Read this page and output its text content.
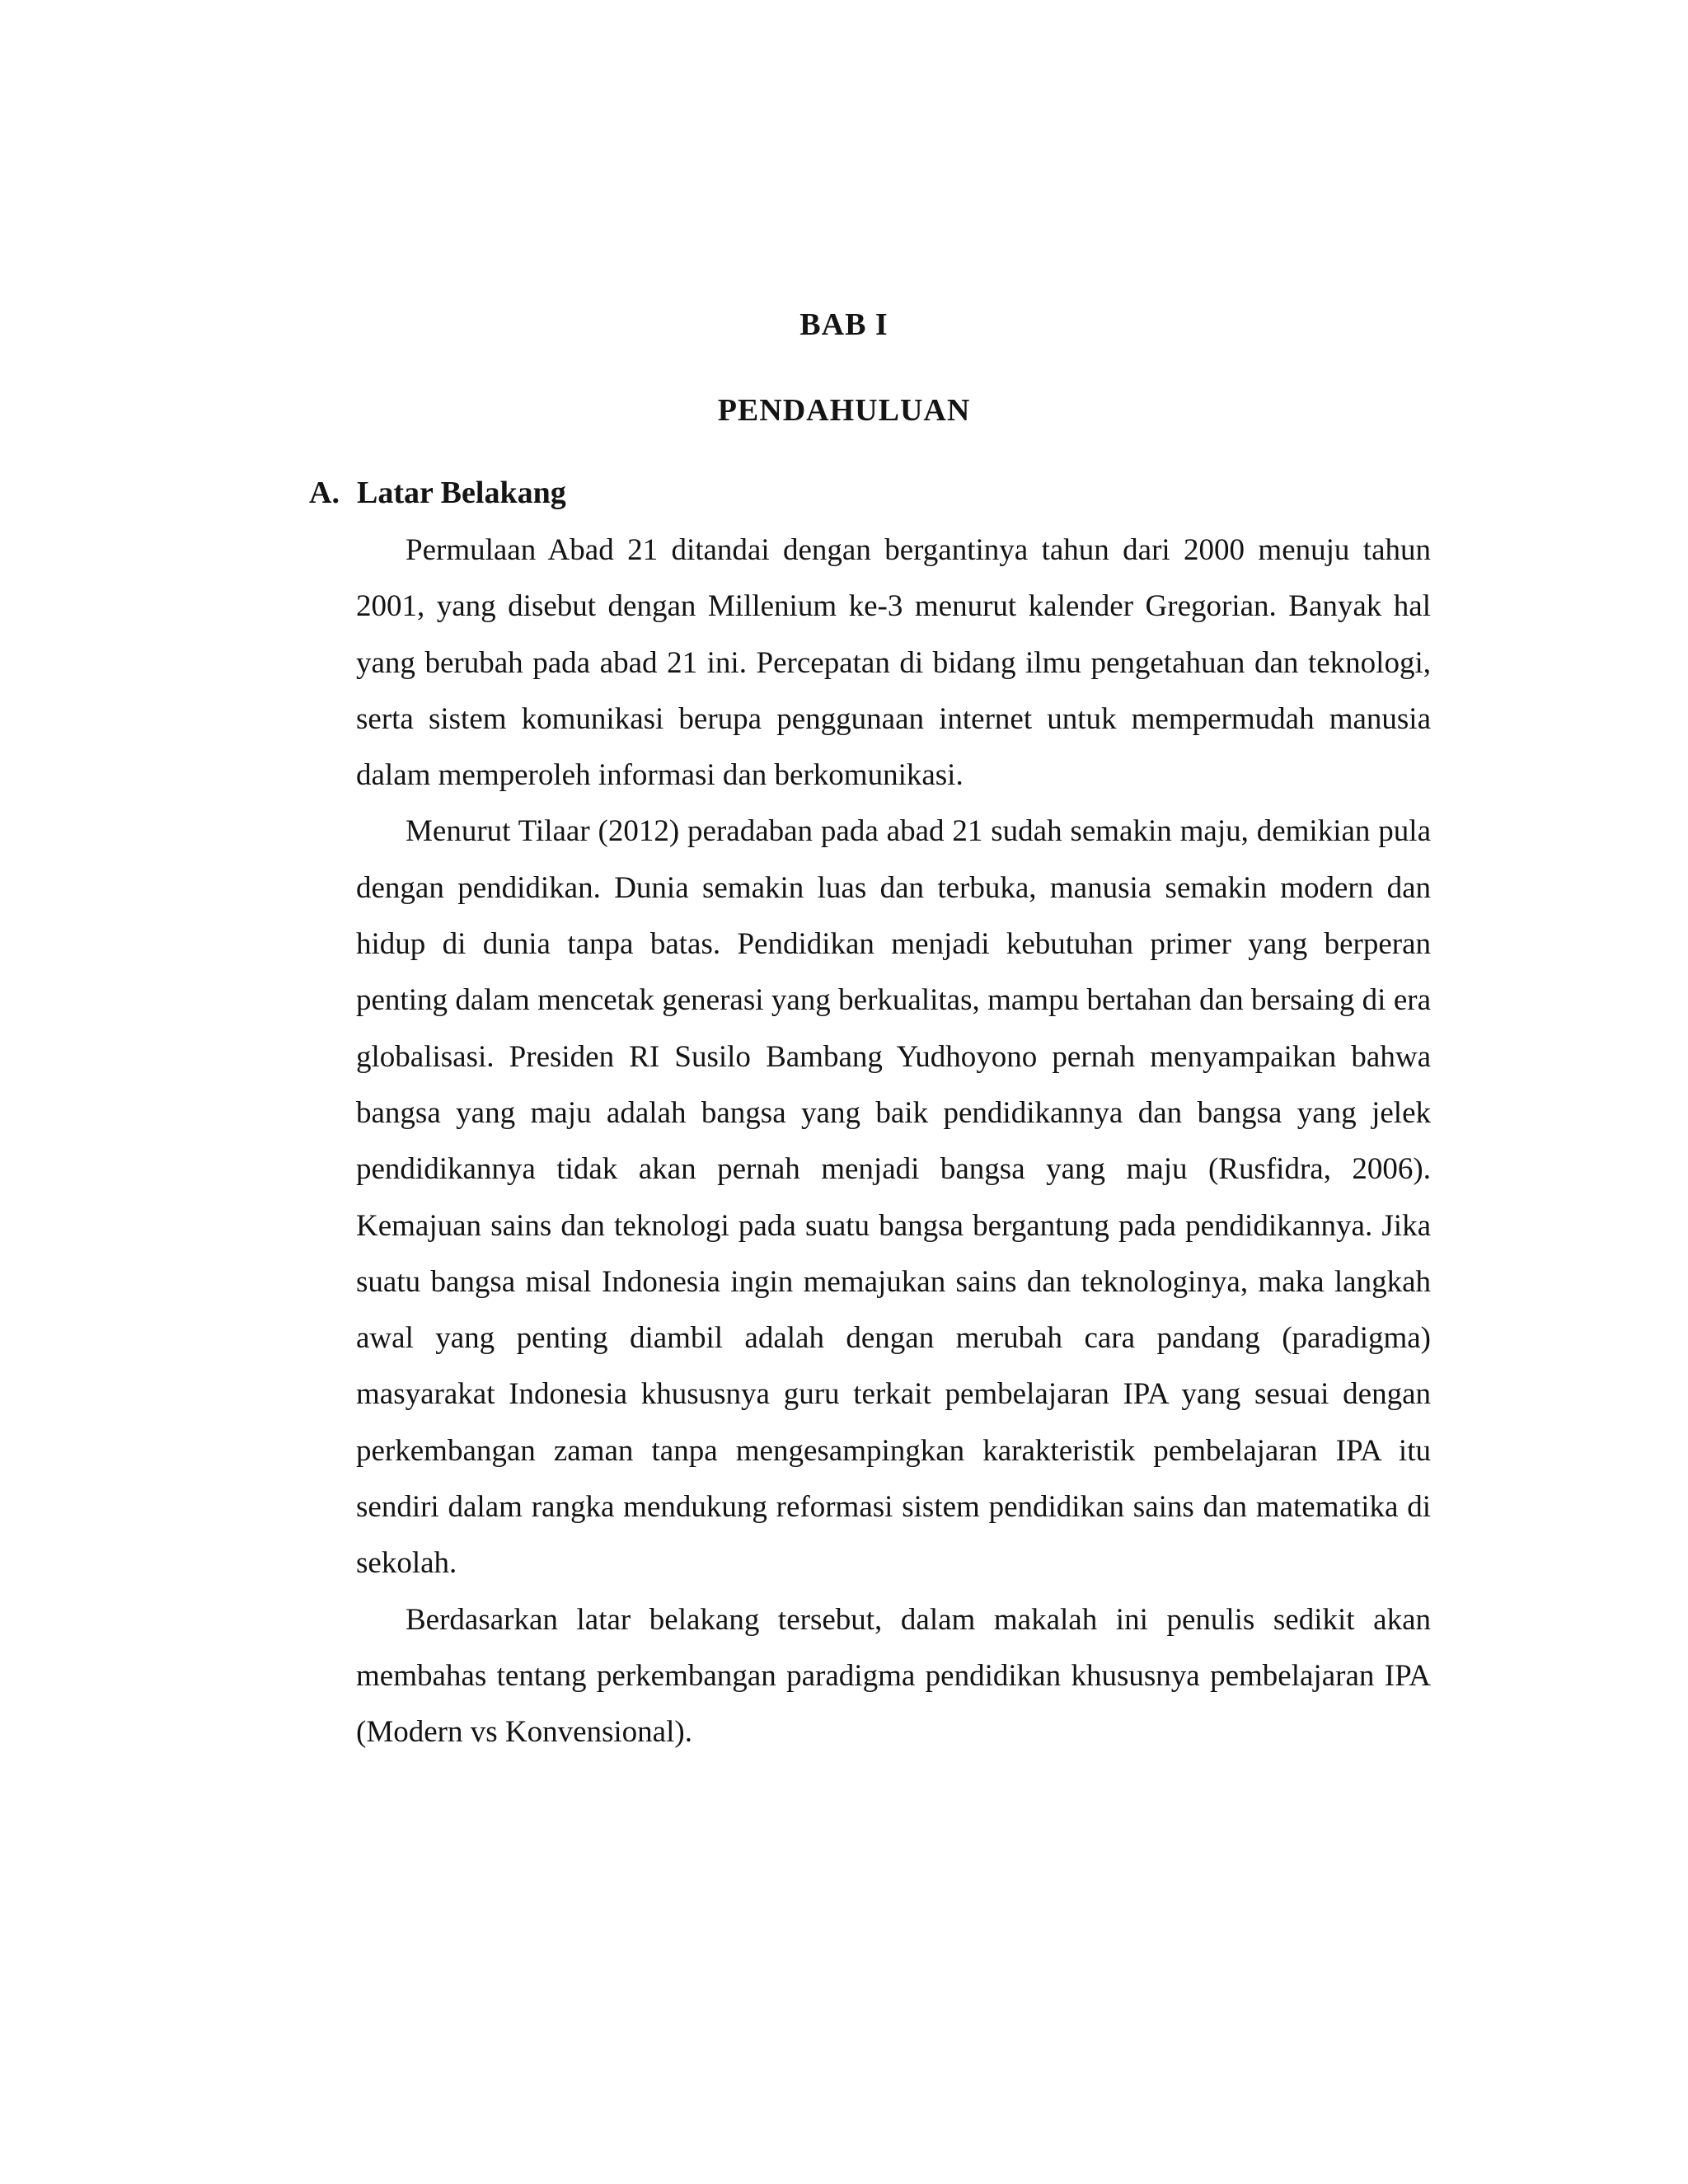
BAB I
PENDAHULUAN
A. Latar Belakang

Permulaan Abad 21 ditandai dengan bergantinya tahun dari 2000 menuju tahun 2001, yang disebut dengan Millenium ke-3 menurut kalender Gregorian. Banyak hal yang berubah pada abad 21 ini. Percepatan di bidang ilmu pengetahuan dan teknologi, serta sistem komunikasi berupa penggunaan internet untuk mempermudah manusia dalam memperoleh informasi dan berkomunikasi.

Menurut Tilaar (2012) peradaban pada abad 21 sudah semakin maju, demikian pula dengan pendidikan. Dunia semakin luas dan terbuka, manusia semakin modern dan hidup di dunia tanpa batas. Pendidikan menjadi kebutuhan primer yang berperan penting dalam mencetak generasi yang berkualitas, mampu bertahan dan bersaing di era globalisasi. Presiden RI Susilo Bambang Yudhoyono pernah menyampaikan bahwa bangsa yang maju adalah bangsa yang baik pendidikannya dan bangsa yang jelek pendidikannya tidak akan pernah menjadi bangsa yang maju (Rusfidra, 2006). Kemajuan sains dan teknologi pada suatu bangsa bergantung pada pendidikannya. Jika suatu bangsa misal Indonesia ingin memajukan sains dan teknologinya, maka langkah awal yang penting diambil adalah dengan merubah cara pandang (paradigma) masyarakat Indonesia khususnya guru terkait pembelajaran IPA yang sesuai dengan perkembangan zaman tanpa mengesampingkan karakteristik pembelajaran IPA itu sendiri dalam rangka mendukung reformasi sistem pendidikan sains dan matematika di sekolah.

Berdasarkan latar belakang tersebut, dalam makalah ini penulis sedikit akan membahas tentang perkembangan paradigma pendidikan khususnya pembelajaran IPA (Modern vs Konvensional).
